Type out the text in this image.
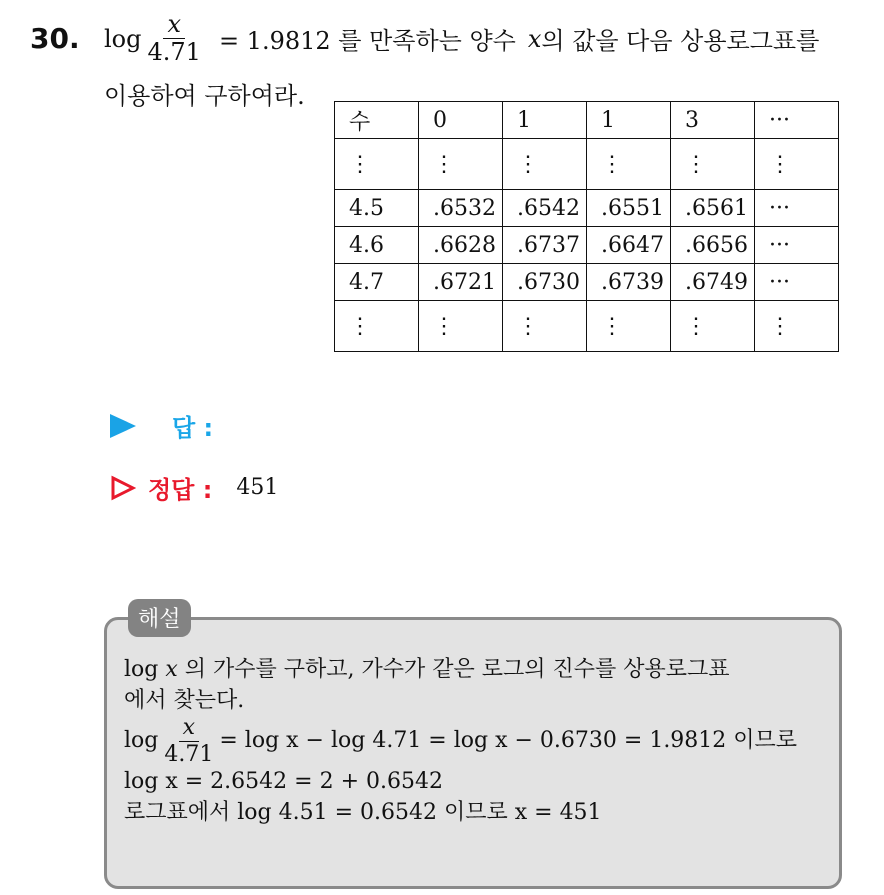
30. $\log \frac{x}{4.71} = 1.9812$ 를 만족하는 양수 x 의 값을 다음 상용로그표를
이용하여 구하여라.
수	0	1	1	3	···
⋮	⋮	⋮	⋮	⋮	⋮
4.5	.6532	.6542	.6551	.6561	···
4.6	.6628	.6737	.6647	.6656	···
4.7	.6721	.6730	.6739	.6749	···
⋮	⋮	⋮	⋮	⋮	⋮
답 :
정답 : 451
해설
log x 의 가수를 구하고, 가수가 같은 로그의 진수를 상용로그표
에서 찾는다.
$\log \frac{x}{4.71} = \log x - \log 4.71 = \log x - 0.6730 = 1.9812$ 이므로
log x = 2.6542 = 2 + 0.6542
로그표에서 log 4.51 = 0.6542 이므로 x = 451
